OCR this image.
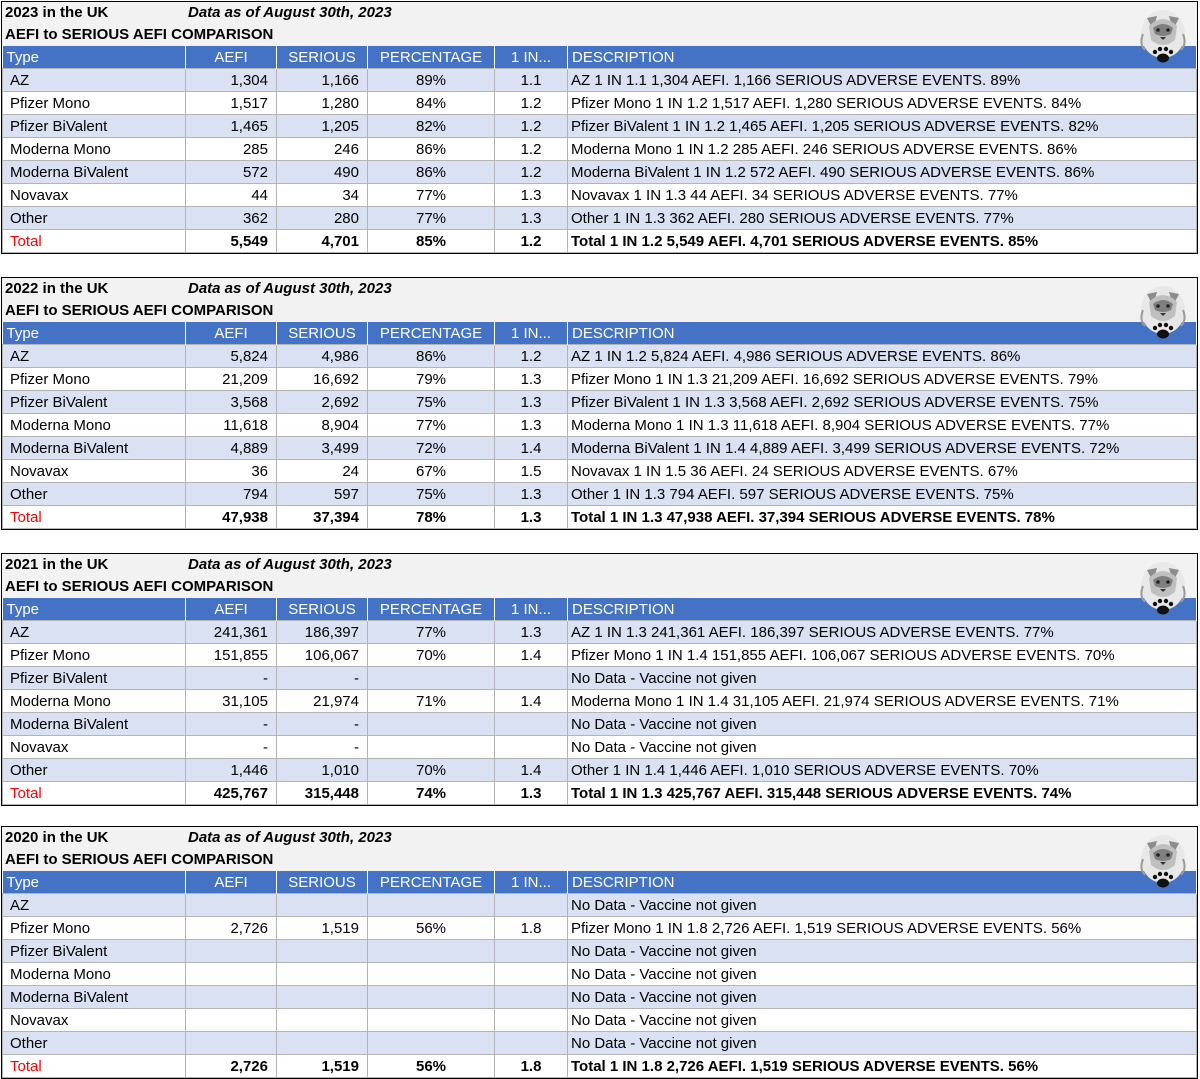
2023 in the UK	Data as of August 30th, 2023
AEFI to SERIOUS AEFI COMPARISON
Type	AEFI	SERIOUS	PERCENTAGE	1 IN...	DESCRIPTION
AZ	1,304	1,166	89%	1.1	AZ 1 IN 1.1 1,304 AEFI. 1,166 SERIOUS ADVERSE EVENTS. 89%
Pfizer Mono	1,517	1,280	84%	1.2	Pfizer Mono 1 IN 1.2 1,517 AEFI. 1,280 SERIOUS ADVERSE EVENTS. 84%
Pfizer BiValent	1,465	1,205	82%	1.2	Pfizer BiValent 1 IN 1.2 1,465 AEFI. 1,205 SERIOUS ADVERSE EVENTS. 82%
Moderna Mono	285	246	86%	1.2	Moderna Mono 1 IN 1.2 285 AEFI. 246 SERIOUS ADVERSE EVENTS. 86%
Moderna BiValent	572	490	86%	1.2	Moderna BiValent 1 IN 1.2 572 AEFI. 490 SERIOUS ADVERSE EVENTS. 86%
Novavax	44	34	77%	1.3	Novavax 1 IN 1.3 44 AEFI. 34 SERIOUS ADVERSE EVENTS. 77%
Other	362	280	77%	1.3	Other 1 IN 1.3 362 AEFI. 280 SERIOUS ADVERSE EVENTS. 77%
Total	5,549	4,701	85%	1.2	Total 1 IN 1.2 5,549 AEFI. 4,701 SERIOUS ADVERSE EVENTS. 85%
2022 in the UK	Data as of August 30th, 2023
AEFI to SERIOUS AEFI COMPARISON
Type	AEFI	SERIOUS	PERCENTAGE	1 IN...	DESCRIPTION
AZ	5,824	4,986	86%	1.2	AZ 1 IN 1.2 5,824 AEFI. 4,986 SERIOUS ADVERSE EVENTS. 86%
Pfizer Mono	21,209	16,692	79%	1.3	Pfizer Mono 1 IN 1.3 21,209 AEFI. 16,692 SERIOUS ADVERSE EVENTS. 79%
Pfizer BiValent	3,568	2,692	75%	1.3	Pfizer BiValent 1 IN 1.3 3,568 AEFI. 2,692 SERIOUS ADVERSE EVENTS. 75%
Moderna Mono	11,618	8,904	77%	1.3	Moderna Mono 1 IN 1.3 11,618 AEFI. 8,904 SERIOUS ADVERSE EVENTS. 77%
Moderna BiValent	4,889	3,499	72%	1.4	Moderna BiValent 1 IN 1.4 4,889 AEFI. 3,499 SERIOUS ADVERSE EVENTS. 72%
Novavax	36	24	67%	1.5	Novavax 1 IN 1.5 36 AEFI. 24 SERIOUS ADVERSE EVENTS. 67%
Other	794	597	75%	1.3	Other 1 IN 1.3 794 AEFI. 597 SERIOUS ADVERSE EVENTS. 75%
Total	47,938	37,394	78%	1.3	Total 1 IN 1.3 47,938 AEFI. 37,394 SERIOUS ADVERSE EVENTS. 78%
2021 in the UK	Data as of August 30th, 2023
AEFI to SERIOUS AEFI COMPARISON
Type	AEFI	SERIOUS	PERCENTAGE	1 IN...	DESCRIPTION
AZ	241,361	186,397	77%	1.3	AZ 1 IN 1.3 241,361 AEFI. 186,397 SERIOUS ADVERSE EVENTS. 77%
Pfizer Mono	151,855	106,067	70%	1.4	Pfizer Mono 1 IN 1.4 151,855 AEFI. 106,067 SERIOUS ADVERSE EVENTS. 70%
Pfizer BiValent	-	-			No Data - Vaccine not given
Moderna Mono	31,105	21,974	71%	1.4	Moderna Mono 1 IN 1.4 31,105 AEFI. 21,974 SERIOUS ADVERSE EVENTS. 71%
Moderna BiValent	-	-			No Data - Vaccine not given
Novavax	-	-			No Data - Vaccine not given
Other	1,446	1,010	70%	1.4	Other 1 IN 1.4 1,446 AEFI. 1,010 SERIOUS ADVERSE EVENTS. 70%
Total	425,767	315,448	74%	1.3	Total 1 IN 1.3 425,767 AEFI. 315,448 SERIOUS ADVERSE EVENTS. 74%
2020 in the UK	Data as of August 30th, 2023
AEFI to SERIOUS AEFI COMPARISON
Type	AEFI	SERIOUS	PERCENTAGE	1 IN...	DESCRIPTION
AZ					No Data - Vaccine not given
Pfizer Mono	2,726	1,519	56%	1.8	Pfizer Mono 1 IN 1.8 2,726 AEFI. 1,519 SERIOUS ADVERSE EVENTS. 56%
Pfizer BiValent					No Data - Vaccine not given
Moderna Mono					No Data - Vaccine not given
Moderna BiValent					No Data - Vaccine not given
Novavax					No Data - Vaccine not given
Other					No Data - Vaccine not given
Total	2,726	1,519	56%	1.8	Total 1 IN 1.8 2,726 AEFI. 1,519 SERIOUS ADVERSE EVENTS. 56%
